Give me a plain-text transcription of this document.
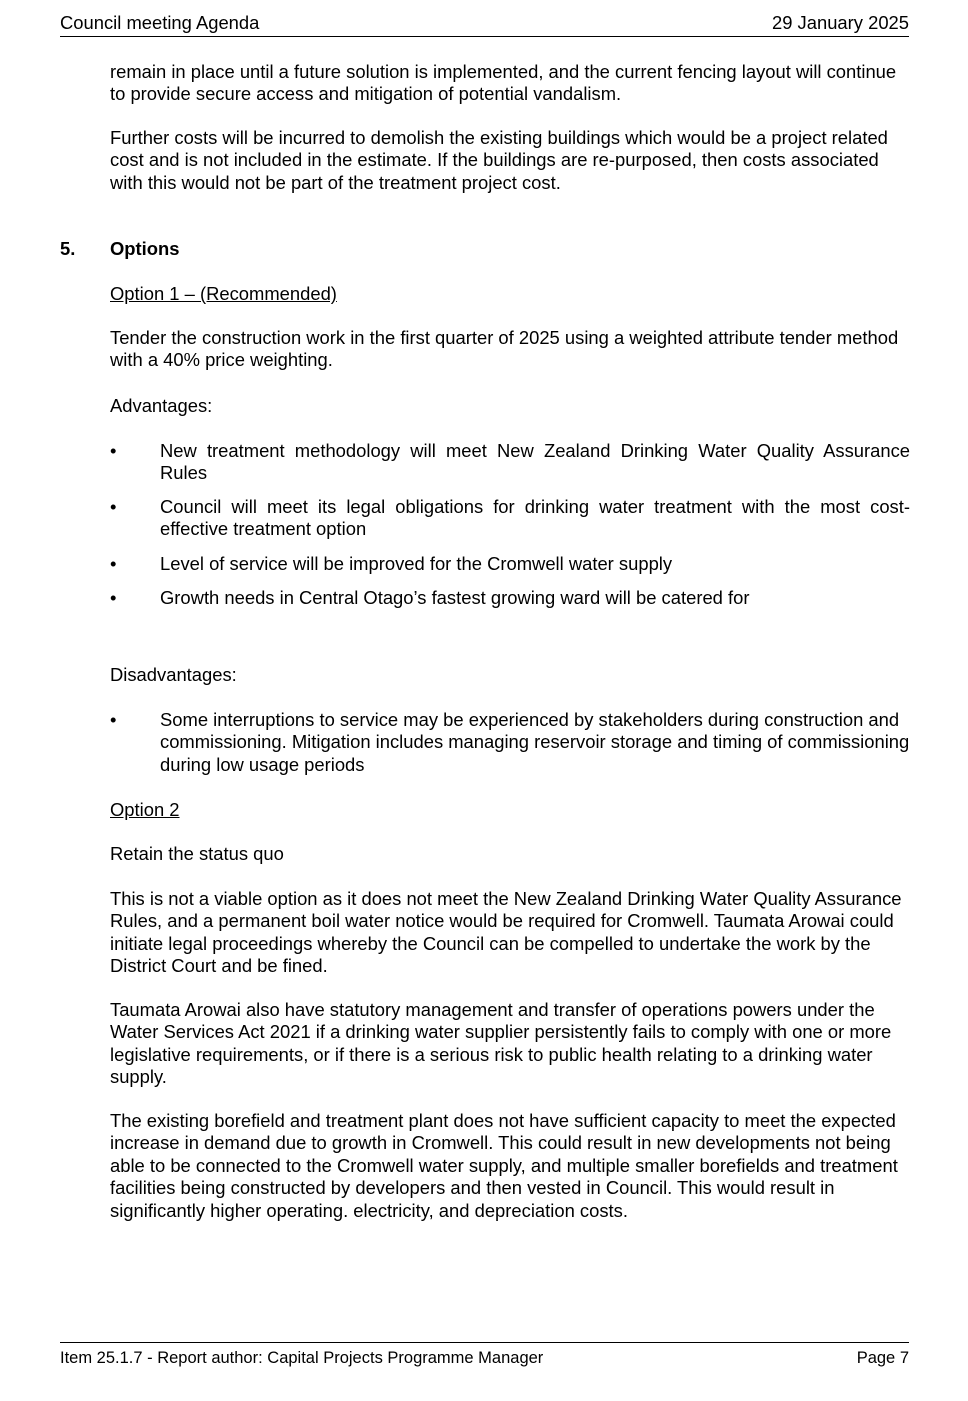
Council meeting Agenda	29 January 2025

remain in place until a future solution is implemented, and the current fencing layout will continue to provide secure access and mitigation of potential vandalism.

Further costs will be incurred to demolish the existing buildings which would be a project related cost and is not included in the estimate. If the buildings are re-purposed, then costs associated with this would not be part of the treatment project cost.

5. Options

Option 1 – (Recommended)

Tender the construction work in the first quarter of 2025 using a weighted attribute tender method with a 40% price weighting.

Advantages:

•	New treatment methodology will meet New Zealand Drinking Water Quality Assurance Rules
•	Council will meet its legal obligations for drinking water treatment with the most cost-effective treatment option
•	Level of service will be improved for the Cromwell water supply
•	Growth needs in Central Otago’s fastest growing ward will be catered for

Disadvantages:

•	Some interruptions to service may be experienced by stakeholders during construction and commissioning. Mitigation includes managing reservoir storage and timing of commissioning during low usage periods

Option 2

Retain the status quo

This is not a viable option as it does not meet the New Zealand Drinking Water Quality Assurance Rules, and a permanent boil water notice would be required for Cromwell. Taumata Arowai could initiate legal proceedings whereby the Council can be compelled to undertake the work by the District Court and be fined.

Taumata Arowai also have statutory management and transfer of operations powers under the Water Services Act 2021 if a drinking water supplier persistently fails to comply with one or more legislative requirements, or if there is a serious risk to public health relating to a drinking water supply.

The existing borefield and treatment plant does not have sufficient capacity to meet the expected increase in demand due to growth in Cromwell. This could result in new developments not being able to be connected to the Cromwell water supply, and multiple smaller borefields and treatment facilities being constructed by developers and then vested in Council. This would result in significantly higher operating. electricity, and depreciation costs.

Item 25.1.7 - Report author: Capital Projects Programme Manager	Page 7
